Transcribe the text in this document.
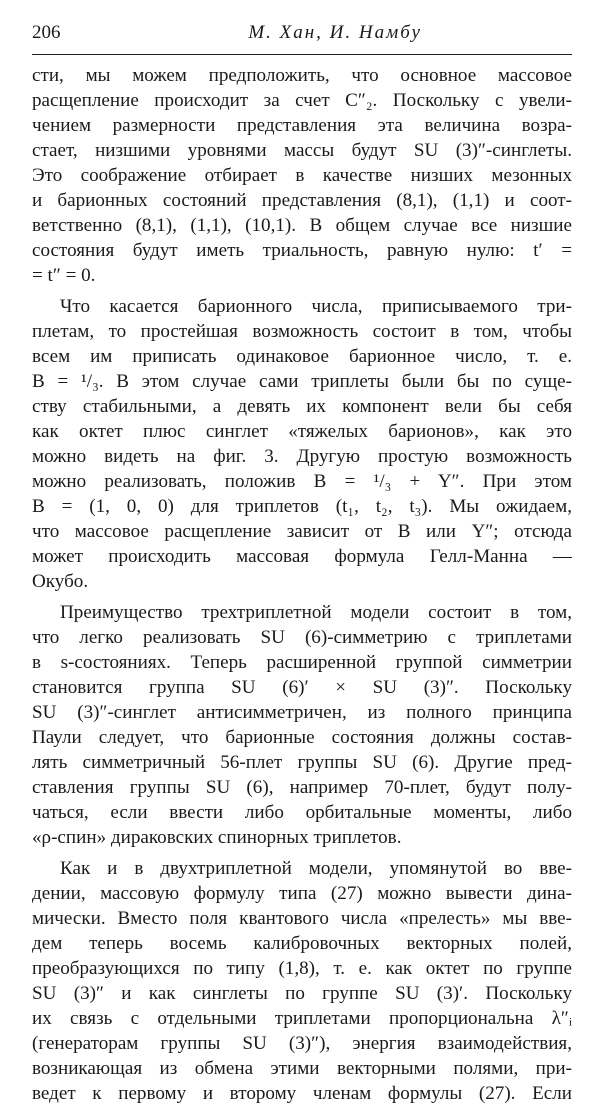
206	М. Хан, И. Намбу
сти, мы можем предположить, что основное массовое
расщепление происходит за счет C″₂. Поскольку с увели-
чением размерности представления эта величина возра-
стает, низшими уровнями массы будут SU (3)″-синглеты.
Это соображение отбирает в качестве низших мезонных
и барионных состояний представления (8,1), (1,1) и соот-
ветственно (8,1), (1,1), (10,1). В общем случае все низшие
состояния будут иметь триальность, равную нулю: t′ =
= t″ = 0.
Что касается барионного числа, приписываемого три-
плетам, то простейшая возможность состоит в том, чтобы
всем им приписать одинаковое барионное число, т. е.
B = ¹/₃. В этом случае сами триплеты были бы по суще-
ству стабильными, а девять их компонент вели бы себя
как октет плюс синглет «тяжелых барионов», как это
можно видеть на фиг. 3. Другую простую возможность
можно реализовать, положив B = ¹/₃ + Y″. При этом
B = (1, 0, 0) для триплетов (t₁, t₂, t₃). Мы ожидаем,
что массовое расщепление зависит от B или Y″; отсюда
может происходить массовая формула Гелл-Манна —
Окубо.
Преимущество трехтриплетной модели состоит в том,
что легко реализовать SU (6)-симметрию с триплетами
в s-состояниях. Теперь расширенной группой симметрии
становится группа SU (6)′ × SU (3)″. Поскольку
SU (3)″-синглет антисимметричен, из полного принципа
Паули следует, что барионные состояния должны состав-
лять симметричный 56-плет группы SU (6). Другие пред-
ставления группы SU (6), например 70-плет, будут полу-
чаться, если ввести либо орбитальные моменты, либо
«ρ-спин» дираковских спинорных триплетов.
Как и в двухтриплетной модели, упомянутой во вве-
дении, массовую формулу типа (27) можно вывести дина-
мически. Вместо поля квантового числа «прелесть» мы вве-
дем теперь восемь калибровочных векторных полей,
преобразующихся по типу (1,8), т. е. как октет по группе
SU (3)″ и как синглеты по группе SU (3)′. Поскольку
их связь с отдельными триплетами пропорциональна λ″ᵢ
(генераторам группы SU (3)″), энергия взаимодействия,
возникающая из обмена этими векторными полями, при-
ведет к первому и второму членам формулы (27). Если
